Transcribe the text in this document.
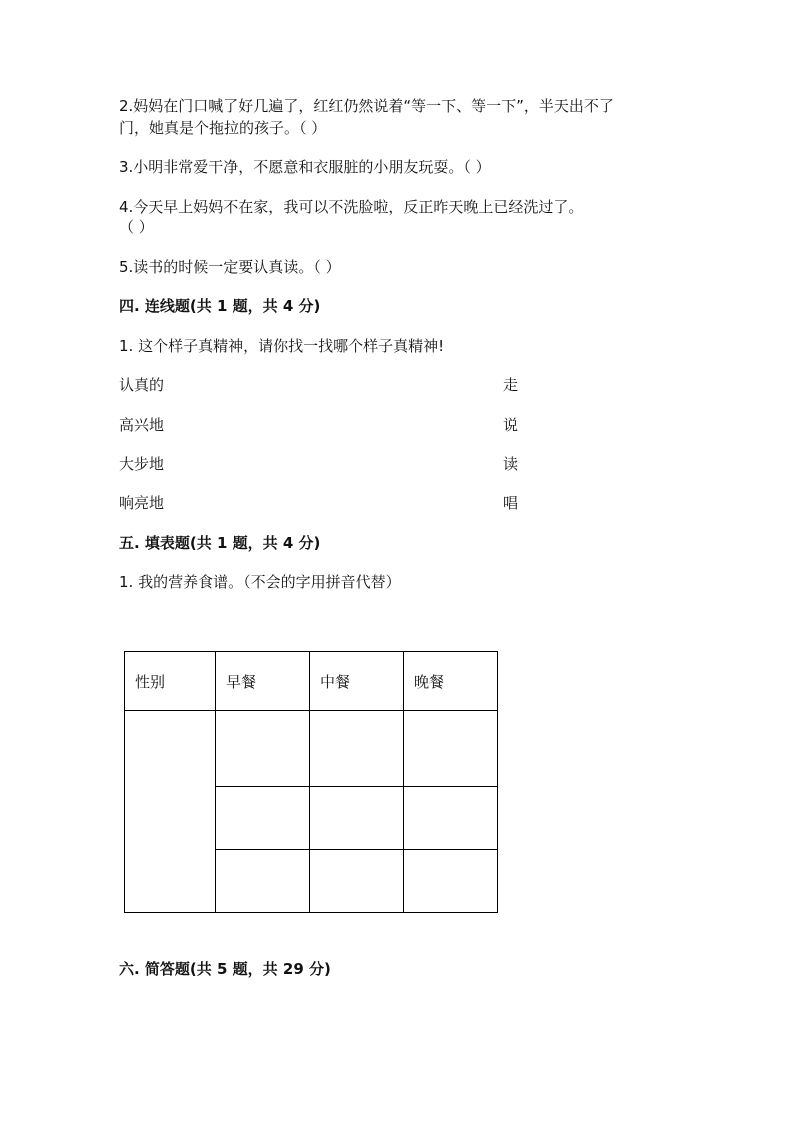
2.妈妈在门口喊了好几遍了，红红仍然说着“等一下、等一下”，半天出不了
门，她真是个拖拉的孩子。（ ）
3.小明非常爱干净，不愿意和衣服脏的小朋友玩耍。（ ）
4.今天早上妈妈不在家，我可以不洗脸啦，反正昨天晚上已经洗过了。
（ ）
5.读书的时候一定要认真读。（ ）
四. 连线题(共 1 题，共 4 分)
1. 这个样子真精神，请你找一找哪个样子真精神!
认真的	走
高兴地	说
大步地	读
响亮地	唱
五. 填表题(共 1 题，共 4 分)
1. 我的营养食谱。（不会的字用拼音代替）
性别	早餐	中餐	晚餐

六. 简答题(共 5 题，共 29 分)
